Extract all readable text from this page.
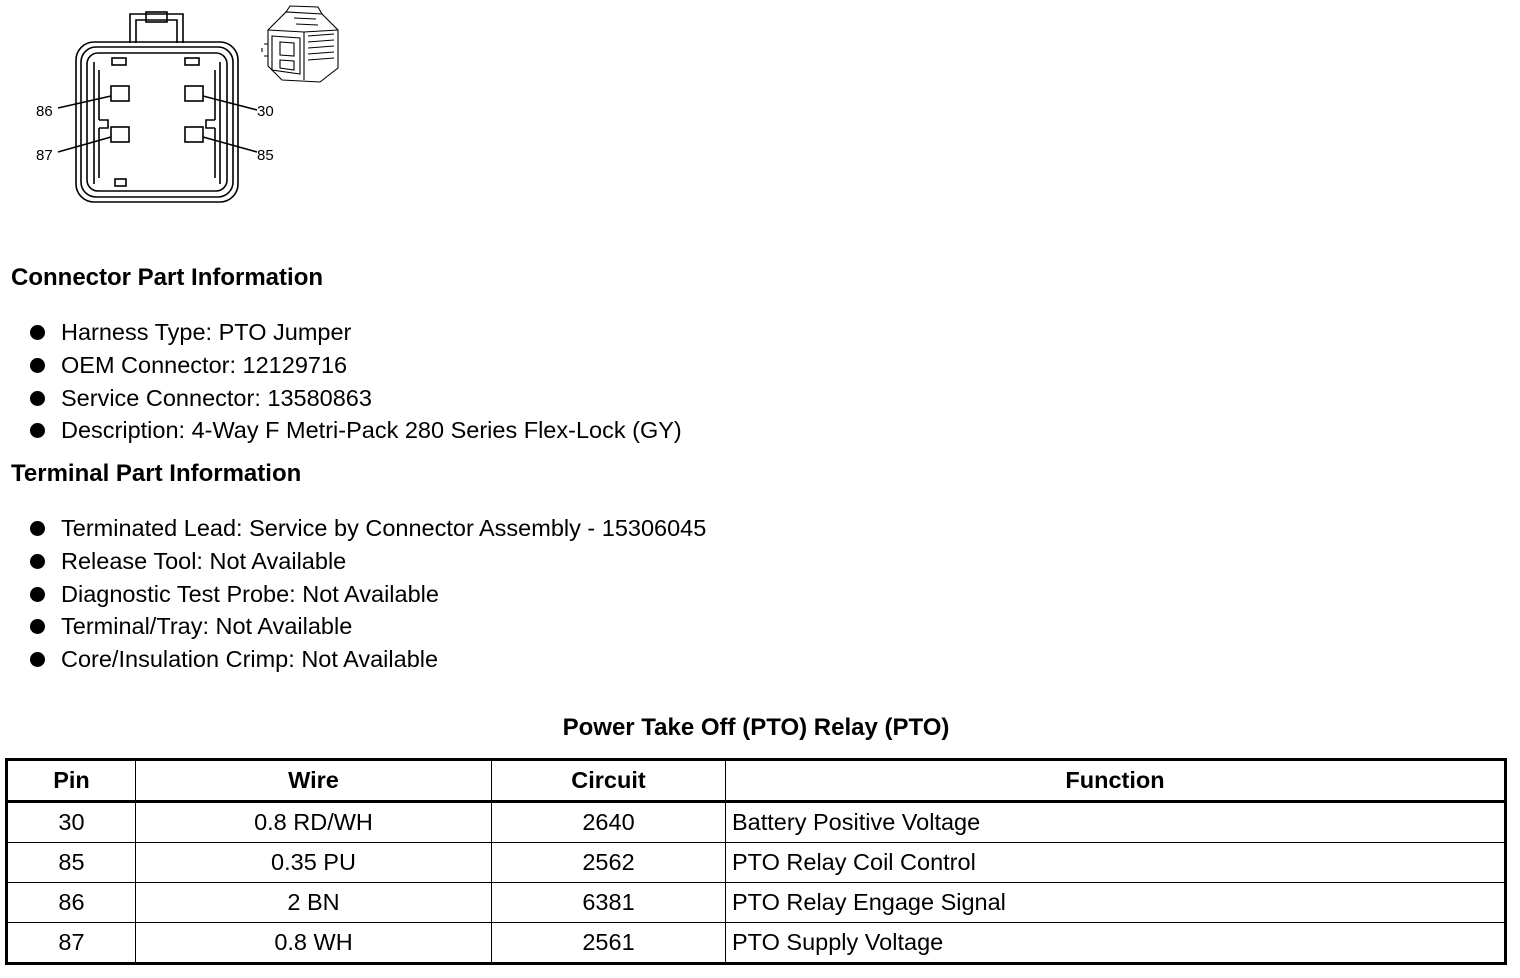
86	30
87	85
Connector Part Information
Harness Type: PTO Jumper
OEM Connector: 12129716
Service Connector: 13580863
Description: 4-Way F Metri-Pack 280 Series Flex-Lock (GY)
Terminal Part Information
Terminated Lead: Service by Connector Assembly - 15306045
Release Tool: Not Available
Diagnostic Test Probe: Not Available
Terminal/Tray: Not Available
Core/Insulation Crimp: Not Available
Power Take Off (PTO) Relay (PTO)
Pin	Wire	Circuit	Function
30	0.8 RD/WH	2640	Battery Positive Voltage
85	0.35 PU	2562	PTO Relay Coil Control
86	2 BN	6381	PTO Relay Engage Signal
87	0.8 WH	2561	PTO Supply Voltage
